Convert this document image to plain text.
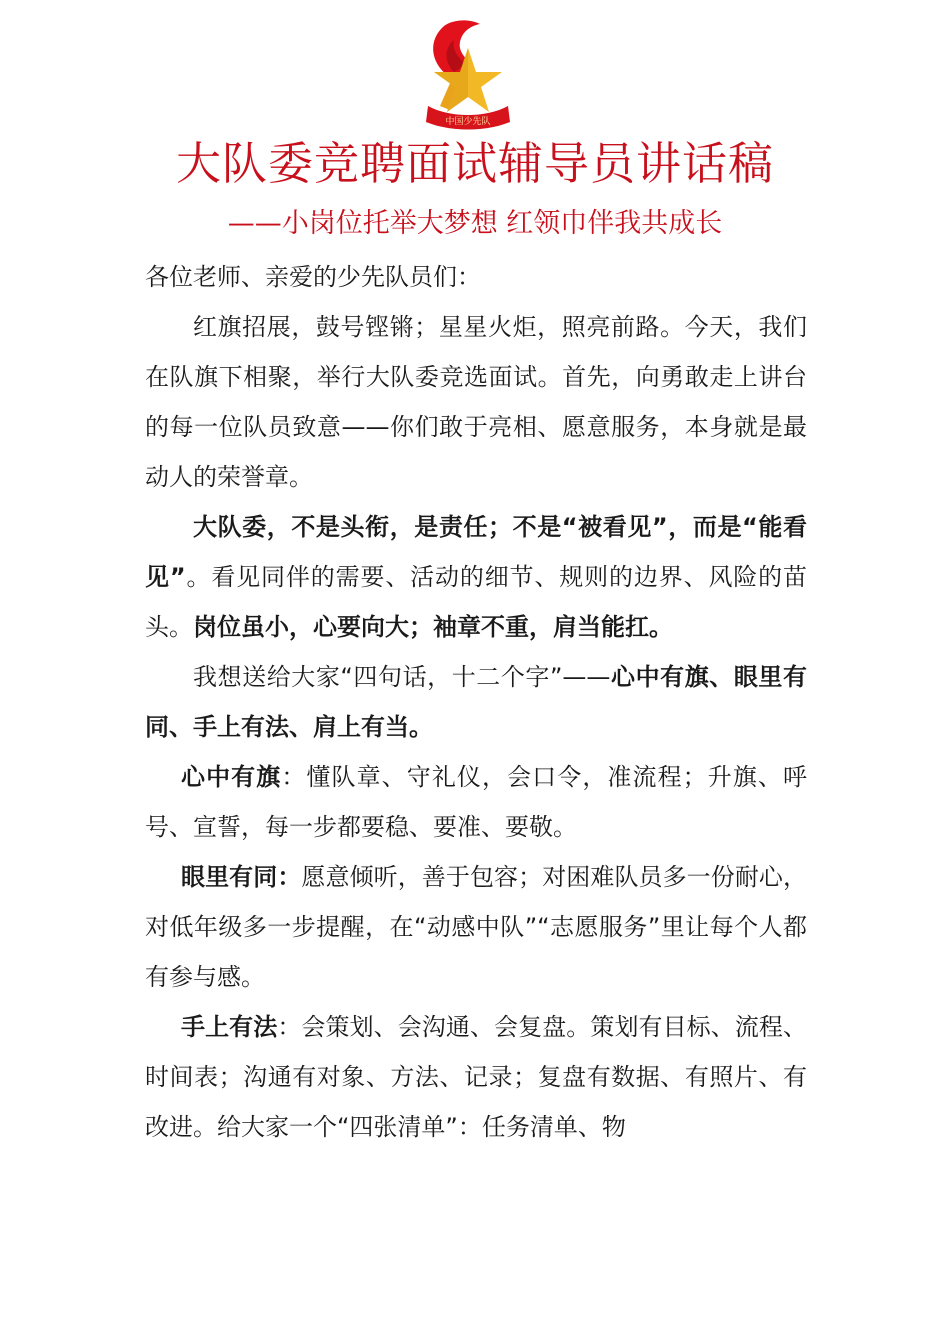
中国少先队
大队委竞聘面试辅导员讲话稿
——小岗位托举大梦想 红领巾伴我共成长

各位老师、亲爱的少先队员们：

红旗招展，鼓号铿锵；星星火炬，照亮前路。今天，我们在队旗下相聚，举行大队委竞选面试。首先，向勇敢走上讲台的每一位队员致意——你们敢于亮相、愿意服务，本身就是最动人的荣誉章。

大队委，不是头衔，是责任；不是“被看见”，而是“能看见”。看见同伴的需要、活动的细节、规则的边界、风险的苗头。岗位虽小，心要向大；袖章不重，肩当能扛。

我想送给大家“四句话，十二个字”——心中有旗、眼里有同、手上有法、肩上有当。

心中有旗：懂队章、守礼仪，会口令，准流程；升旗、呼号、宣誓，每一步都要稳、要准、要敬。

眼里有同：愿意倾听，善于包容；对困难队员多一份耐心，对低年级多一步提醒，在“动感中队”“志愿服务”里让每个人都有参与感。

手上有法：会策划、会沟通、会复盘。策划有目标、流程、时间表；沟通有对象、方法、记录；复盘有数据、有照片、有改进。给大家一个“四张清单”：任务清单、物
